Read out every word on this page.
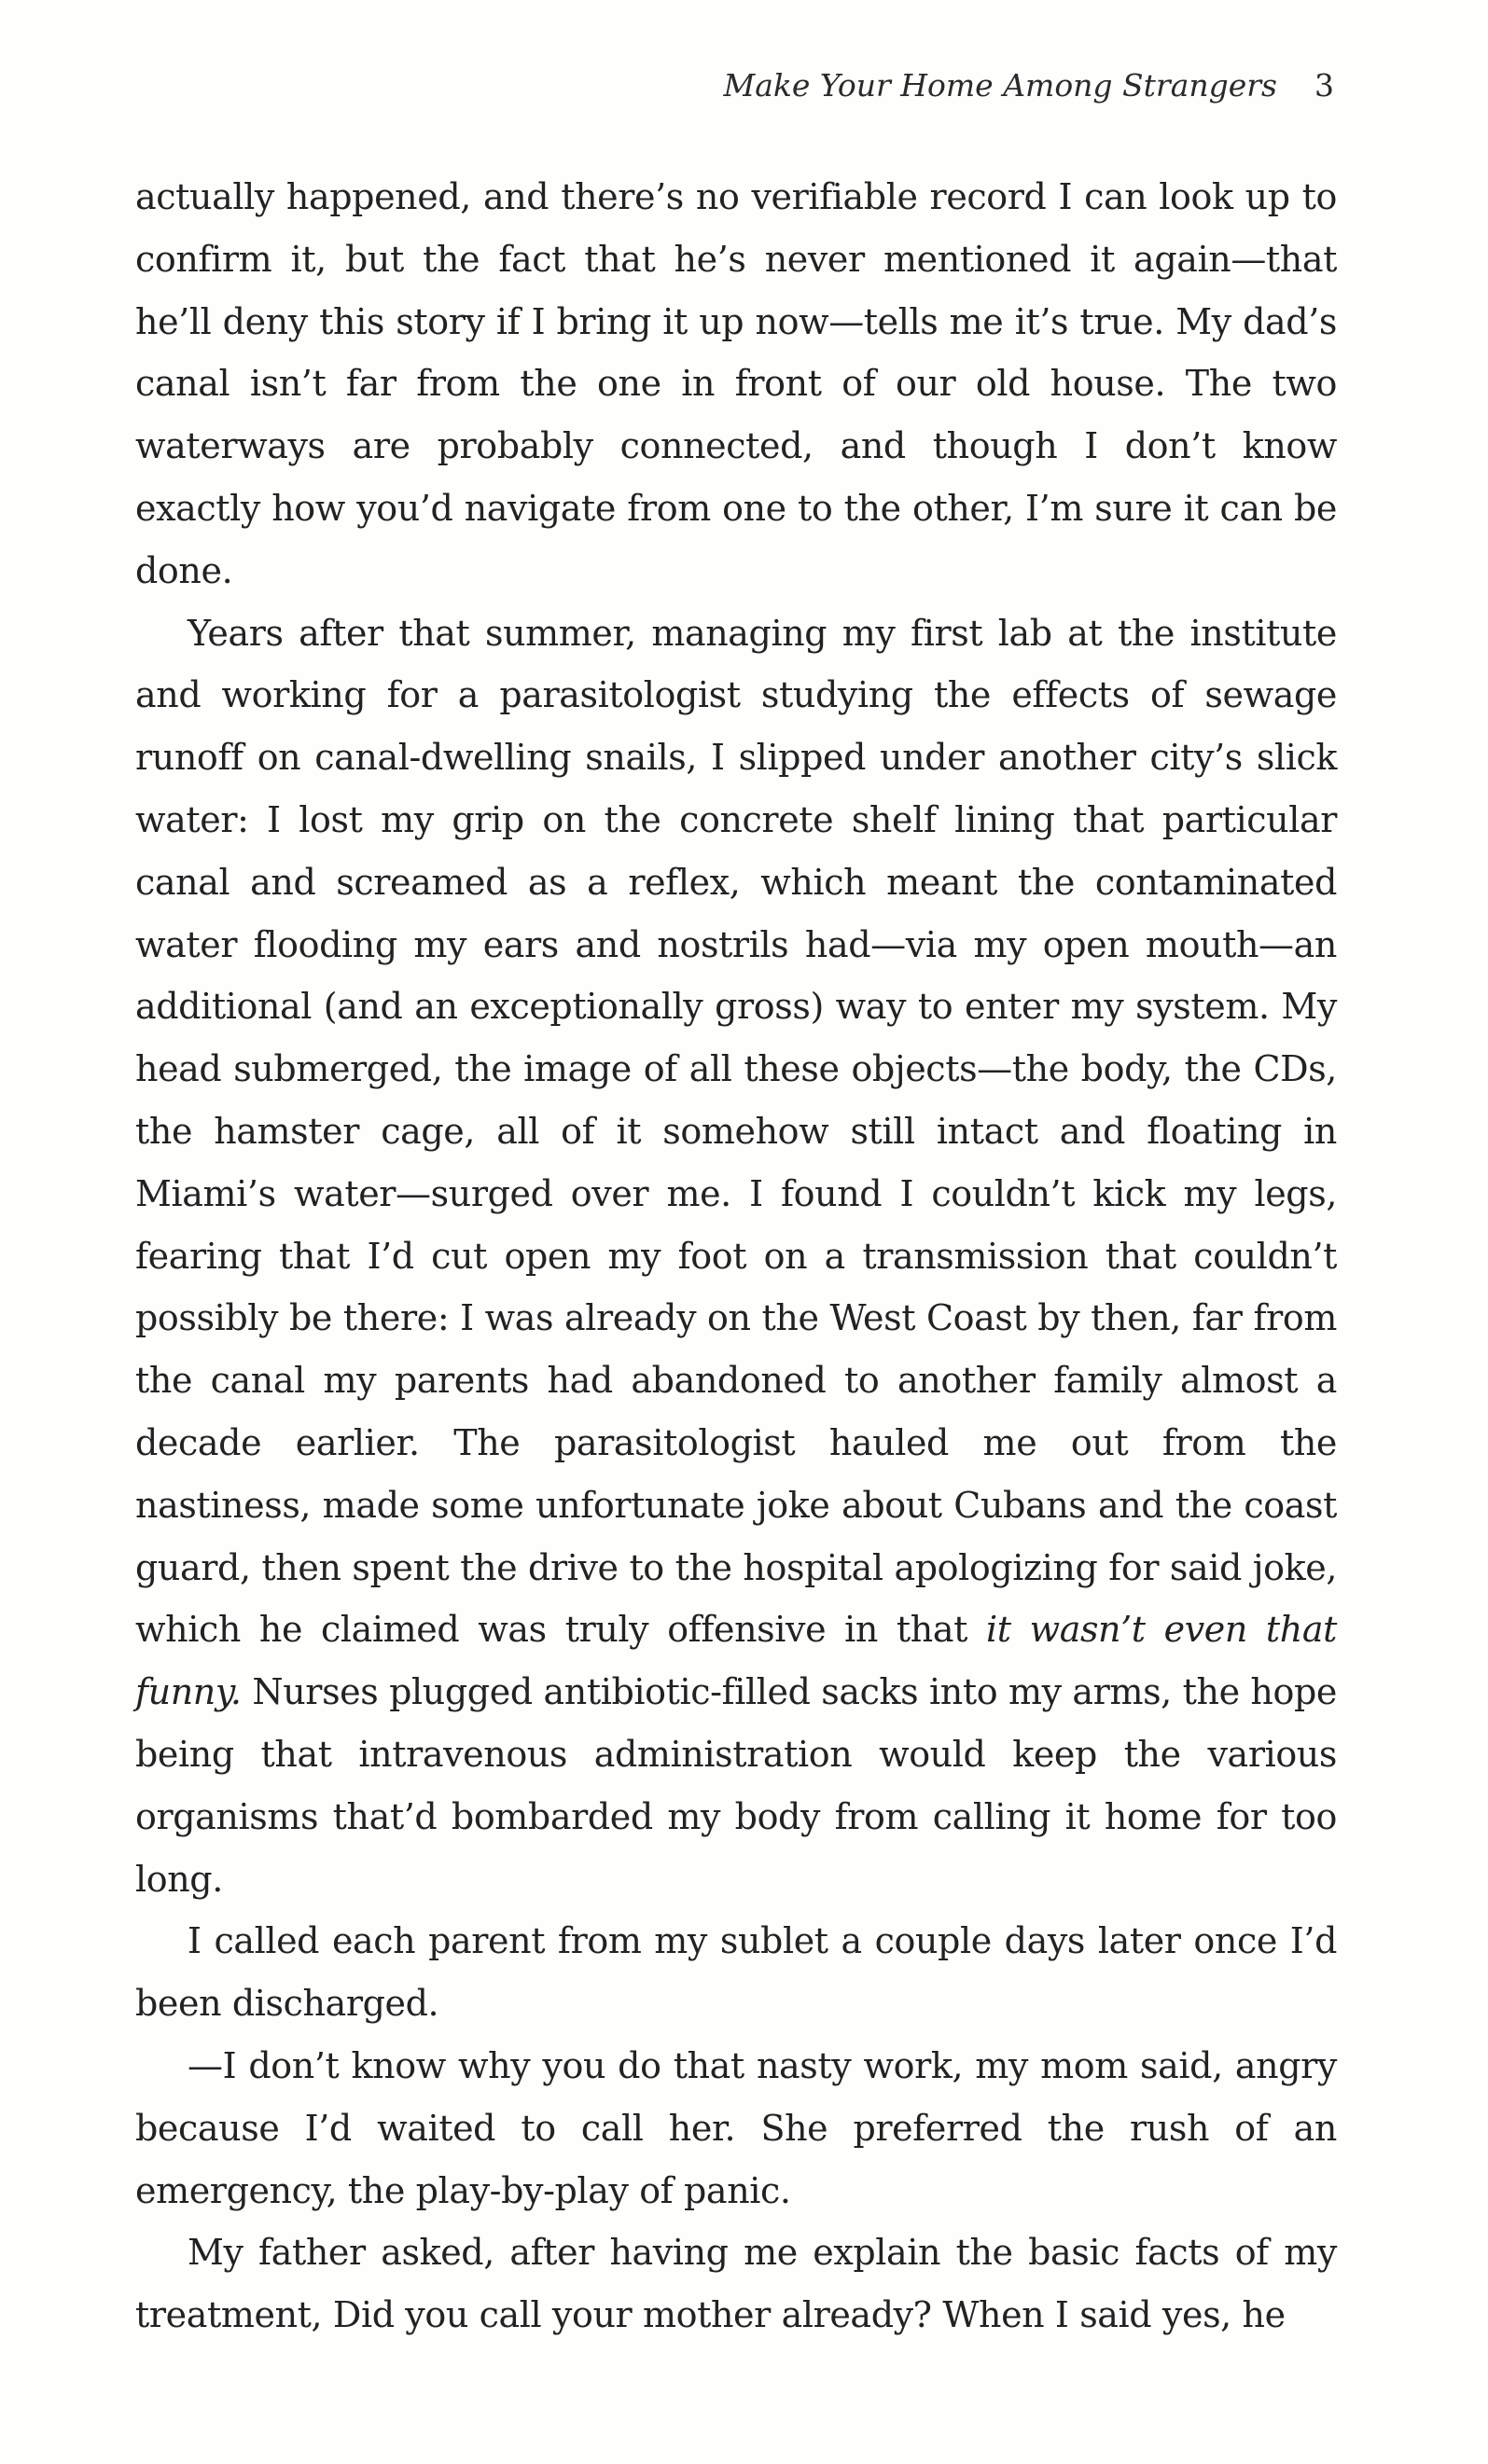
Make Your Home Among Strangers 3

actually happened, and there’s no verifiable record I can look up to confirm it, but the fact that he’s never mentioned it again—that he’ll deny this story if I bring it up now—tells me it’s true. My dad’s canal isn’t far from the one in front of our old house. The two waterways are probably connected, and though I don’t know exactly how you’d navigate from one to the other, I’m sure it can be done.

Years after that summer, managing my first lab at the institute and working for a parasitologist studying the effects of sewage runoff on canal-dwelling snails, I slipped under another city’s slick water: I lost my grip on the concrete shelf lining that particular canal and screamed as a reflex, which meant the contaminated water flooding my ears and nostrils had—via my open mouth—an additional (and an exceptionally gross) way to enter my system. My head submerged, the image of all these objects—the body, the CDs, the hamster cage, all of it somehow still intact and floating in Miami’s water—surged over me. I found I couldn’t kick my legs, fearing that I’d cut open my foot on a transmission that couldn’t possibly be there: I was already on the West Coast by then, far from the canal my parents had abandoned to another family almost a decade earlier. The parasitologist hauled me out from the nastiness, made some unfortunate joke about Cubans and the coast guard, then spent the drive to the hospital apologizing for said joke, which he claimed was truly offensive in that it wasn’t even that funny. Nurses plugged antibiotic-filled sacks into my arms, the hope being that intravenous administration would keep the various organisms that’d bombarded my body from calling it home for too long.

I called each parent from my sublet a couple days later once I’d been discharged.

—I don’t know why you do that nasty work, my mom said, angry because I’d waited to call her. She preferred the rush of an emergency, the play-by-play of panic.

My father asked, after having me explain the basic facts of my treatment, Did you call your mother already? When I said yes, he
